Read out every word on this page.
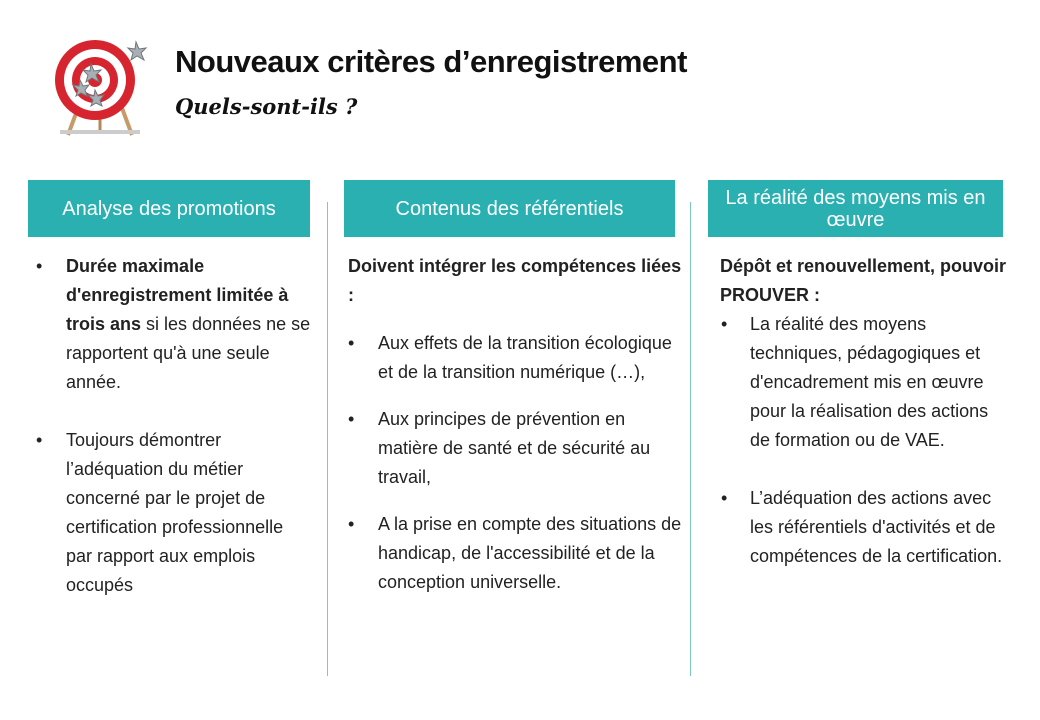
Nouveaux critères d’enregistrement
Quels-sont-ils ?
Analyse des promotions	Contenus des référentiels	La réalité des moyens mis en œuvre
• Durée maximale d'enregistrement limitée à trois ans si les données ne se rapportent qu'à une seule année.
• Toujours démontrer l’adéquation du métier concerné par le projet de certification professionnelle par rapport aux emplois occupés

Doivent intégrer les compétences liées :

• Aux effets de la transition écologique et de la transition numérique (…),
• Aux principes de prévention en matière de santé et de sécurité au travail,
• A la prise en compte des situations de handicap, de l'accessibilité et de la conception universelle.

Dépôt et renouvellement, pouvoir PROUVER :

• La réalité des moyens techniques, pédagogiques et d'encadrement mis en œuvre pour la réalisation des actions de formation ou de VAE.
• L’adéquation des actions avec les référentiels d'activités et de compétences de la certification.
